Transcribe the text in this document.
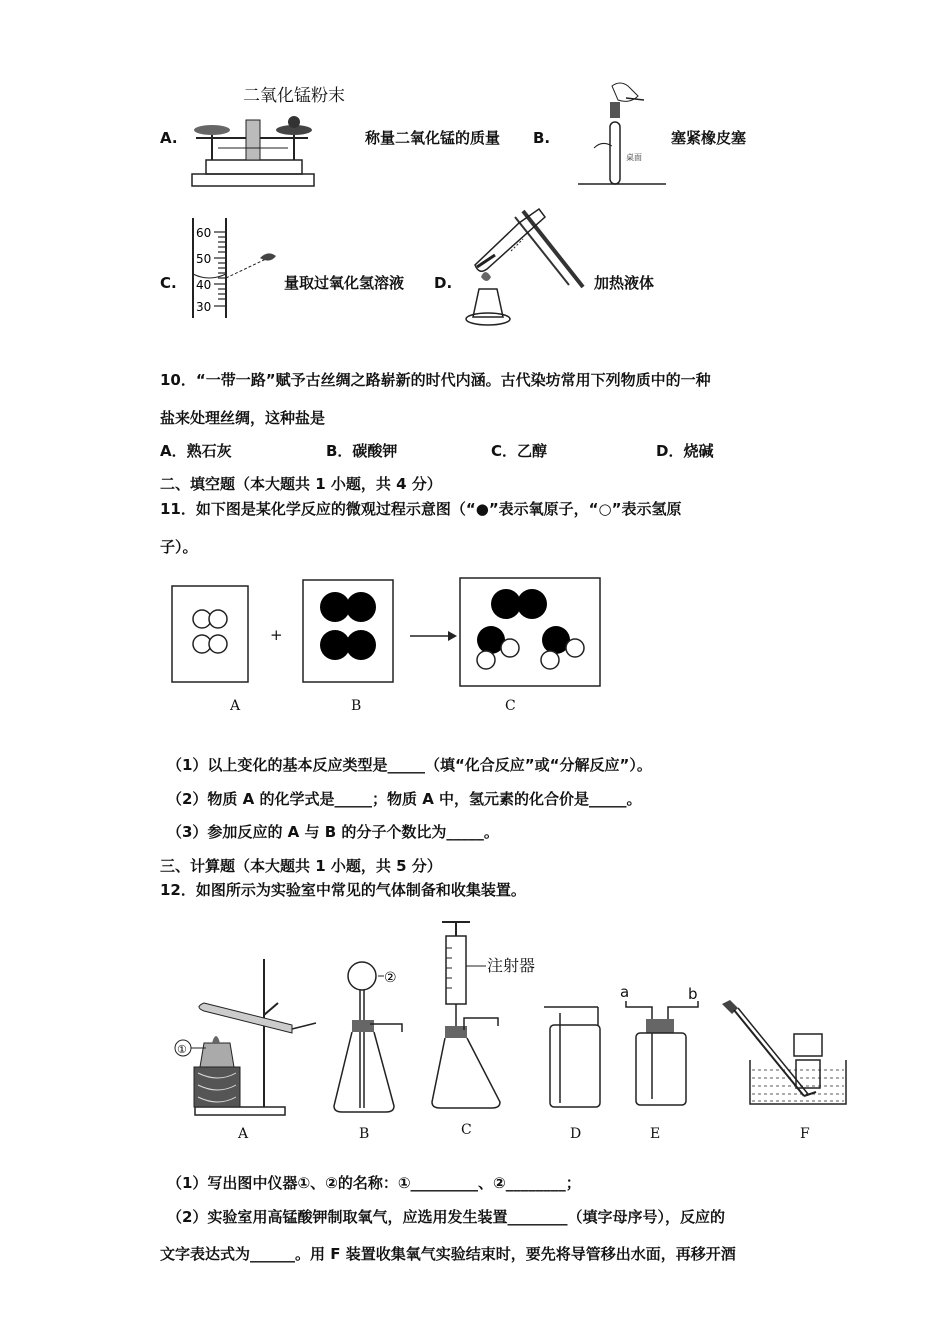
A.
二氧化锰粉末
称量二氧化锰的质量 B.
桌面
塞紧橡皮塞
C.
60
50
40
30
量取过氧化氢溶液 D.	加热液体
10．“一带一路”赋予古丝绸之路崭新的时代内涵。古代染坊常用下列物质中的一种
盐来处理丝绸，这种盐是
A．熟石灰	B．碳酸钾	C．乙醇	D．烧碱
二、填空题（本大题共 1 小题，共 4 分）
11．如下图是某化学反应的微观过程示意图（“●”表示氧原子，“○”表示氢原
子）。
+
A	B	C
（1）以上变化的基本反应类型是_____（填“化合反应”或“分解反应”）。
（2）物质 A 的化学式是_____；物质 A 中，氢元素的化合价是_____。
（3）参加反应的 A 与 B 的分子个数比为_____。
三、计算题（本大题共 1 小题，共 5 分）
12．如图所示为实验室中常见的气体制备和收集装置。
①
②
注射器
a	b
A	B	C	D	E	F
（1）写出图中仪器①、②的名称：①_________、②________；
（2）实验室用高锰酸钾制取氧气，应选用发生装置________（填字母序号），反应的
文字表达式为______。用 F 装置收集氧气实验结束时，要先将导管移出水面，再移开酒
